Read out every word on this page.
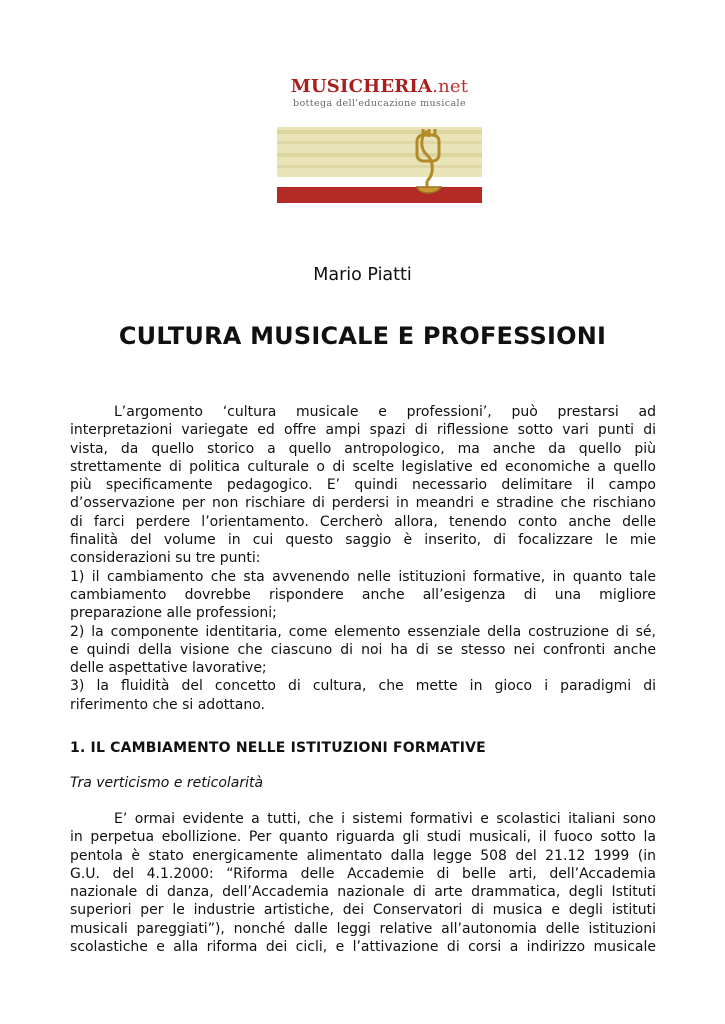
MUSICHERIA.net
bottega dell'educazione musicale
Mario Piatti
CULTURA MUSICALE E PROFESSIONI
L’argomento ‘cultura musicale e professioni’, può prestarsi ad
interpretazioni variegate ed offre ampi spazi di riflessione sotto vari punti di
vista, da quello storico a quello antropologico, ma anche da quello più
strettamente di politica culturale o di scelte legislative ed economiche a quello
più specificamente pedagogico. E’ quindi necessario delimitare il campo
d’osservazione per non rischiare di perdersi in meandri e stradine che rischiano
di farci perdere l’orientamento. Cercherò allora, tenendo conto anche delle
finalità del volume in cui questo saggio è inserito, di focalizzare le mie
considerazioni su tre punti:
1) il cambiamento che sta avvenendo nelle istituzioni formative, in quanto tale
cambiamento dovrebbe rispondere anche all’esigenza di una migliore
preparazione alle professioni;
2) la componente identitaria, come elemento essenziale della costruzione di sé,
e quindi della visione che ciascuno di noi ha di se stesso nei confronti anche
delle aspettative lavorative;
3) la fluidità del concetto di cultura, che mette in gioco i paradigmi di
riferimento che si adottano.
1. IL CAMBIAMENTO NELLE ISTITUZIONI FORMATIVE
Tra verticismo e reticolarità
E’ ormai evidente a tutti, che i sistemi formativi e scolastici italiani sono
in perpetua ebollizione. Per quanto riguarda gli studi musicali, il fuoco sotto la
pentola è stato energicamente alimentato dalla legge 508 del 21.12 1999 (in
G.U. del 4.1.2000: “Riforma delle Accademie di belle arti, dell’Accademia
nazionale di danza, dell’Accademia nazionale di arte drammatica, degli Istituti
superiori per le industrie artistiche, dei Conservatori di musica e degli istituti
musicali pareggiati”), nonché dalle leggi relative all’autonomia delle istituzioni
scolastiche e alla riforma dei cicli, e l’attivazione di corsi a indirizzo musicale
